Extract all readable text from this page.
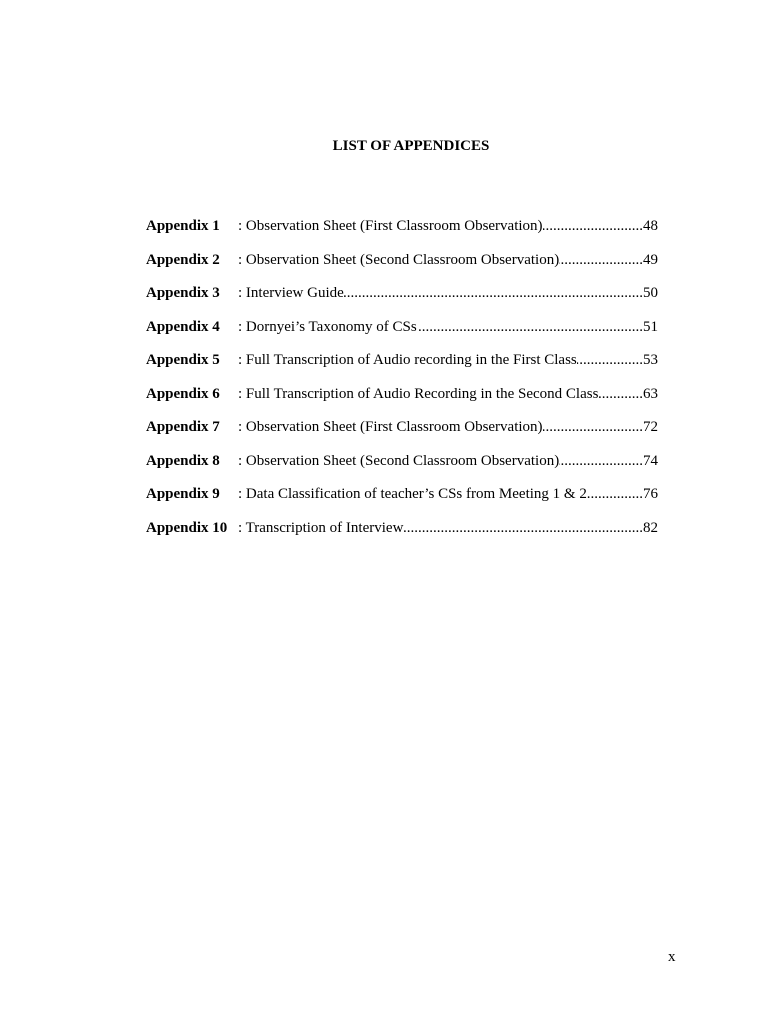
LIST OF APPENDICES
Appendix 1	: Observation Sheet (First Classroom Observation) .....	48
Appendix 2	: Observation Sheet (Second Classroom Observation) .....	49
Appendix 3	: Interview Guide .....	50
Appendix 4	: Dornyei’s Taxonomy of CSs .....	51
Appendix 5	: Full Transcription of Audio recording in the First Class .....	53
Appendix 6	: Full Transcription of Audio Recording in the Second Class .....	63
Appendix 7	: Observation Sheet (First Classroom Observation) .....	72
Appendix 8	: Observation Sheet (Second Classroom Observation) .....	74
Appendix 9	: Data Classification of teacher’s CSs from Meeting 1 & 2 .....	76
Appendix 10 : Transcription of Interview .....	82
x
